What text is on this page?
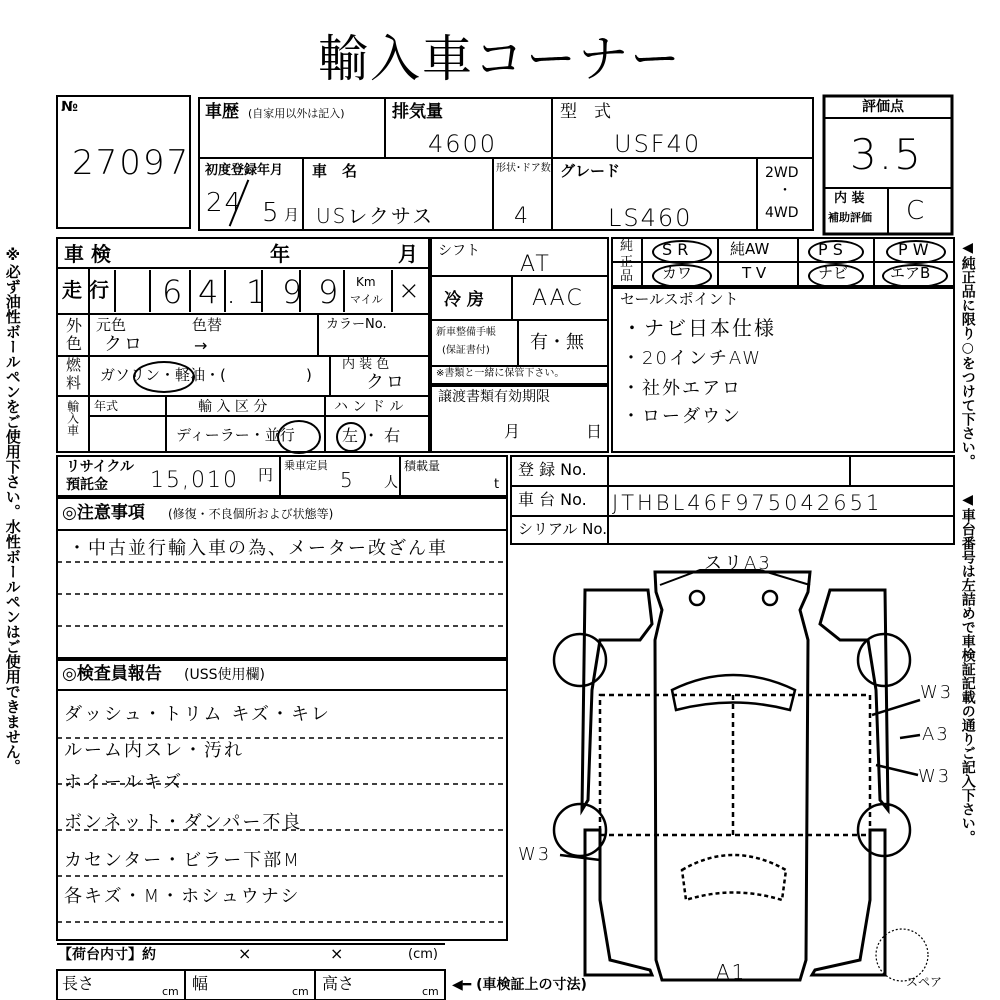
輸入車コーナー
※必ず油性ボールペンをご使用下さい。水性ボールペンはご使用できません。	◀純正品に限り○をつけて下さい。
◀車台番号は左詰めで車検証記載の通りご記入下さい。
№
27097
車歴 (自家用以外は記入)	排気量
4600
型　式
USF40
初度登録年月
24 5 月
車　名
USレクサス
形状･ドア数
4
グレード
LS460
2WD
・
4WD
評価点
3.5
内 装
補助評価 C
車 検	年	月
走 行 6 4 . 1 9 9 Km
マイル ×
外
色
元色	色替
クロ	→
カラーNo.
燃
料 ガソリン・軽油・(	)
内 装 色
クロ
輸入車 年式	輸 入 区 分
ディーラー・並行
ハ ン ド ル
左 ・ 右
シフト
AT
冷 房 AAC
新車整備手帳
(保証書付) 有・無
※書類と一緒に保管下さい。
譲渡書類有効期限
月	日
純
正
品
S R	純AW	P S	P W
カワ	T V	ナビ	エアB
セールスポイント
・ナビ日本仕様
・20インチAW
・社外エアロ
・ローダウン
リサイクル
預託金 15,010 円
乗車定員
5 人
積載量
t
登 録 No.
車 台 No. JTHBL46F975042651
シリアル No.
◎注意事項 (修復・不良個所および状態等)
・中古並行輸入車の為、メーター改ざん車
◎検査員報告 (USS使用欄)
ダッシュ・トリム キズ・キレ
ルーム内スレ・汚れ
ホイールキズ
ボンネット・ダンパー不良
カセンター・ビラー下部M
各キズ・M・ホシュウナシ
スリA3
W3
A3
W3
W3
A1	スペア
【荷台内寸】約	×	×	(cm)
長さ	cm 幅	cm 高さ	cm ◀━ (車検証上の寸法)
